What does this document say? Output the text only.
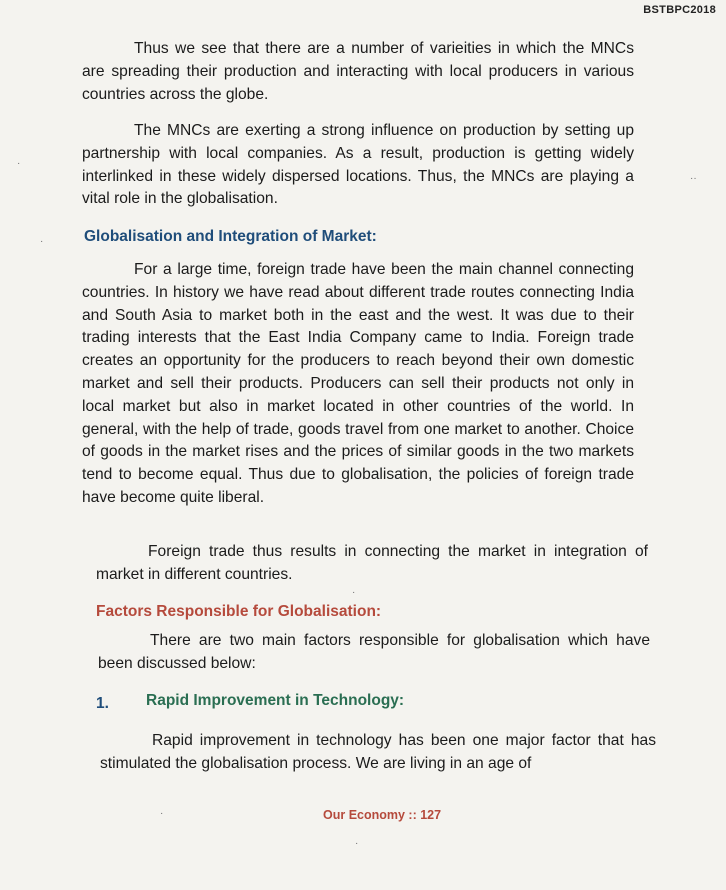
BSTBPC2018

Thus we see that there are a number of varieities in which the MNCs are spreading their production and interacting with local producers in various countries across the globe.

The MNCs are exerting a strong influence on production by setting up partnership with local companies. As a result, production is getting widely interlinked in these widely dispersed locations. Thus, the MNCs are playing a vital role in the globalisation.

Globalisation and Integration of Market:

For a large time, foreign trade have been the main channel connecting countries. In history we have read about different trade routes connecting India and South Asia to market both in the east and the west. It was due to their trading interests that the East India Company came to India. Foreign trade creates an opportunity for the producers to reach beyond their own domestic market and sell their products. Producers can sell their products not only in local market but also in market located in other countries of the world. In general, with the help of trade, goods travel from one market to another. Choice of goods in the market rises and the prices of similar goods in the two markets tend to become equal. Thus due to globalisation, the policies of foreign trade have become quite liberal.

Foreign trade thus results in connecting the market in integration of market in different countries.

Factors Responsible for Globalisation:

There are two main factors responsible for globalisation which have been discussed below:

1. Rapid Improvement in Technology:

Rapid improvement in technology has been one major factor that has stimulated the globalisation process. We are living in an age of

Our Economy :: 127
·
·
··
·
·
·
